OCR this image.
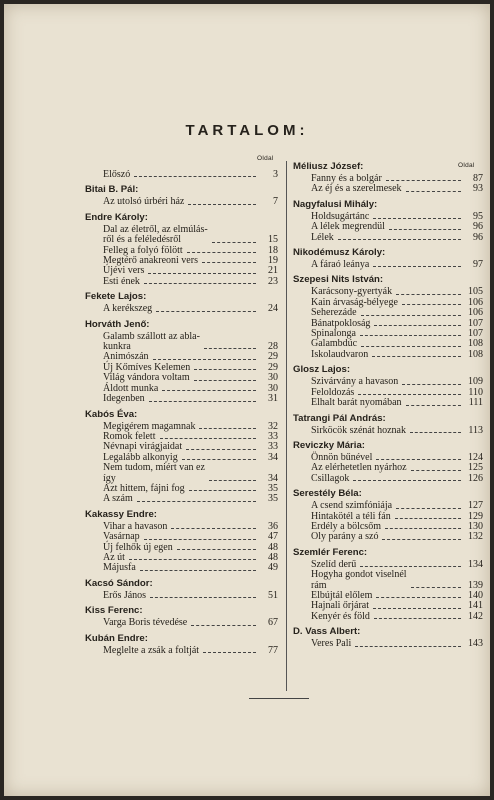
TARTALOM:
Oldal
Oldal
Előszó	3
Bitai B. Pál:
Az utolsó úrbéri ház	7
Endre Károly:
Dal az életről, az elmúlás-
ről és a feléledésről	15
Felleg a folyó fölött	18
Megtérő anakreoni vers	19
Újévi vers	21
Esti ének	23
Fekete Lajos:
A kerékszeg	24
Horváth Jenő:
Galamb szállott az abla-
kunkra	28
Animószán	29
Új Kőmíves Kelemen	29
Világ vándora voltam	30
Áldott munka	30
Idegenben	31
Kabós Éva:
Megigérem magamnak	32
Romok felett	33
Névnapi virágjaidat	33
Legalább alkonyig	34
Nem tudom, miért van ez
így	34
Azt hittem, fájni fog	35
A szám	35
Kakassy Endre:
Vihar a havason	36
Vasárnap	47
Új felhők új egen	48
Az út	48
Májusfa	49
Kacsó Sándor:
Erős János	51
Kiss Ferenc:
Varga Boris tévedése	67
Kubán Endre:
Meglelte a zsák a foltját	77
Méliusz József:
Fanny és a bolgár	87
Az éj és a szerelmesek	93
Nagyfalusi Mihály:
Holdsugártánc	95
A lélek megrendül	96
Lélek	96
Nikodémusz Károly:
A fáraó leánya	97
Szepesi Nits István:
Karácsony-gyertyák	105
Kain árvaság-bélyege	106
Seherezáde	106
Bánatpokloság	107
Spinalonga	107
Galambdúc	108
Iskolaudvaron	108
Glosz Lajos:
Szivárvány a havason	109
Feloldozás	110
Elhalt barát nyomában	111
Tatrangi Pál András:
Sirköcök szénát hoznak	113
Reviczky Mária:
Önnön bűnével	124
Az elérhetetlen nyárhoz	125
Csillagok	126
Serestély Béla:
A csend szimfóniája	127
Hintakötél a téli fán	129
Erdély a bölcsőm	130
Oly parány a szó	132
Szemlér Ferenc:
Szelíd derű	134
Hogyha gondot viselnél
rám	139
Elbújtál előlem	140
Hajnali őrjárat	141
Kenyér és föld	142
D. Vass Albert:
Veres Pali	143
